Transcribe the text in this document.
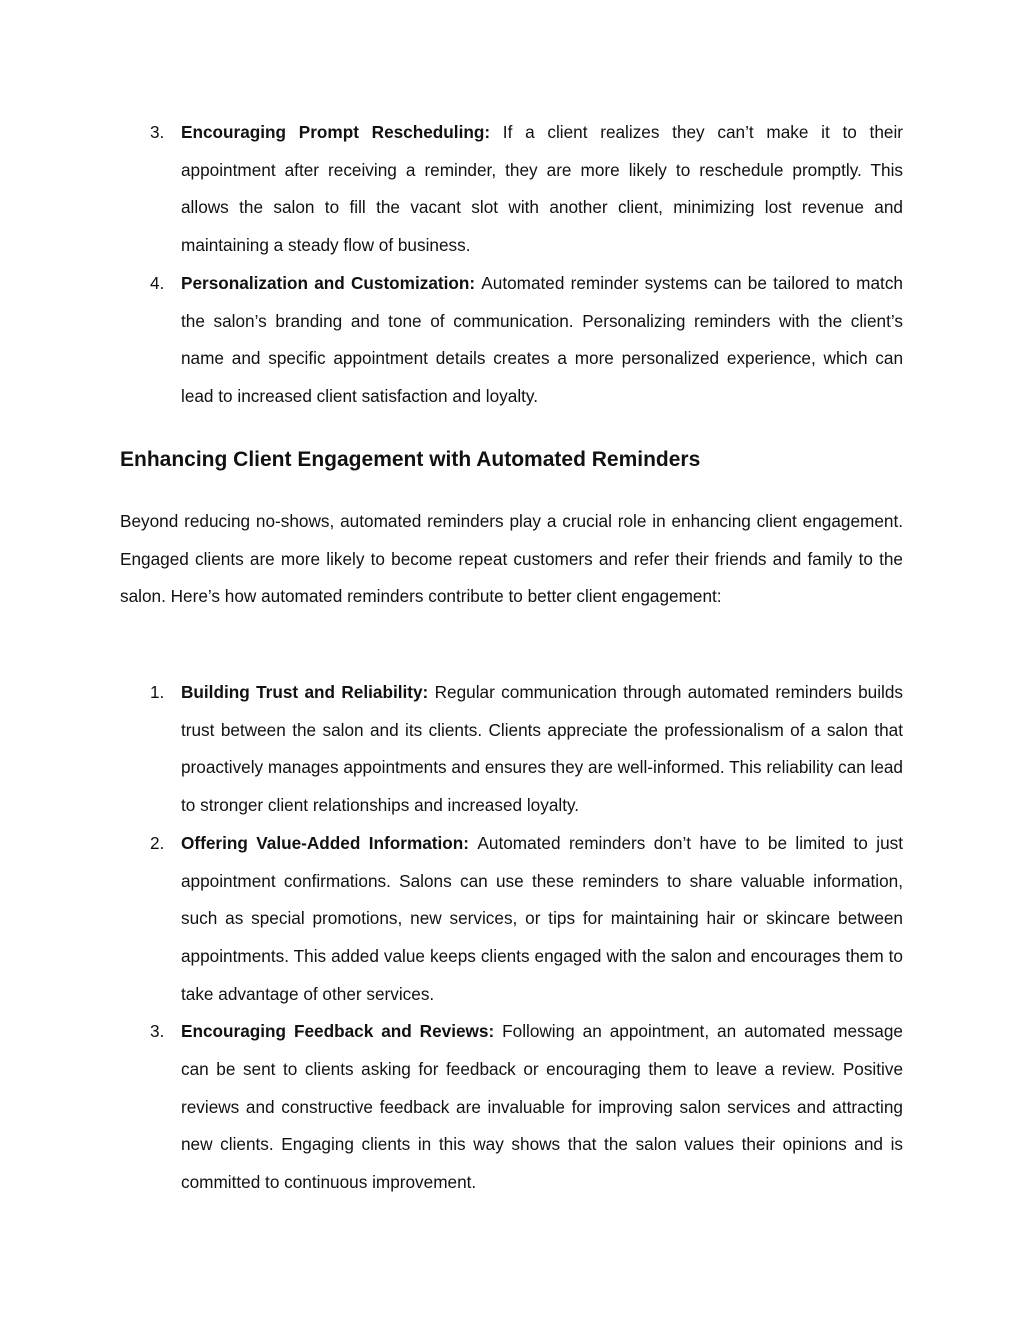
3. Encouraging Prompt Rescheduling: If a client realizes they can’t make it to their appointment after receiving a reminder, they are more likely to reschedule promptly. This allows the salon to fill the vacant slot with another client, minimizing lost revenue and maintaining a steady flow of business.
4. Personalization and Customization: Automated reminder systems can be tailored to match the salon’s branding and tone of communication. Personalizing reminders with the client’s name and specific appointment details creates a more personalized experience, which can lead to increased client satisfaction and loyalty.
Enhancing Client Engagement with Automated Reminders

Beyond reducing no-shows, automated reminders play a crucial role in enhancing client engagement. Engaged clients are more likely to become repeat customers and refer their friends and family to the salon. Here’s how automated reminders contribute to better client engagement:

1. Building Trust and Reliability: Regular communication through automated reminders builds trust between the salon and its clients. Clients appreciate the professionalism of a salon that proactively manages appointments and ensures they are well-informed. This reliability can lead to stronger client relationships and increased loyalty.
2. Offering Value-Added Information: Automated reminders don’t have to be limited to just appointment confirmations. Salons can use these reminders to share valuable information, such as special promotions, new services, or tips for maintaining hair or skincare between appointments. This added value keeps clients engaged with the salon and encourages them to take advantage of other services.
3. Encouraging Feedback and Reviews: Following an appointment, an automated message can be sent to clients asking for feedback or encouraging them to leave a review. Positive reviews and constructive feedback are invaluable for improving salon services and attracting new clients. Engaging clients in this way shows that the salon values their opinions and is committed to continuous improvement.
